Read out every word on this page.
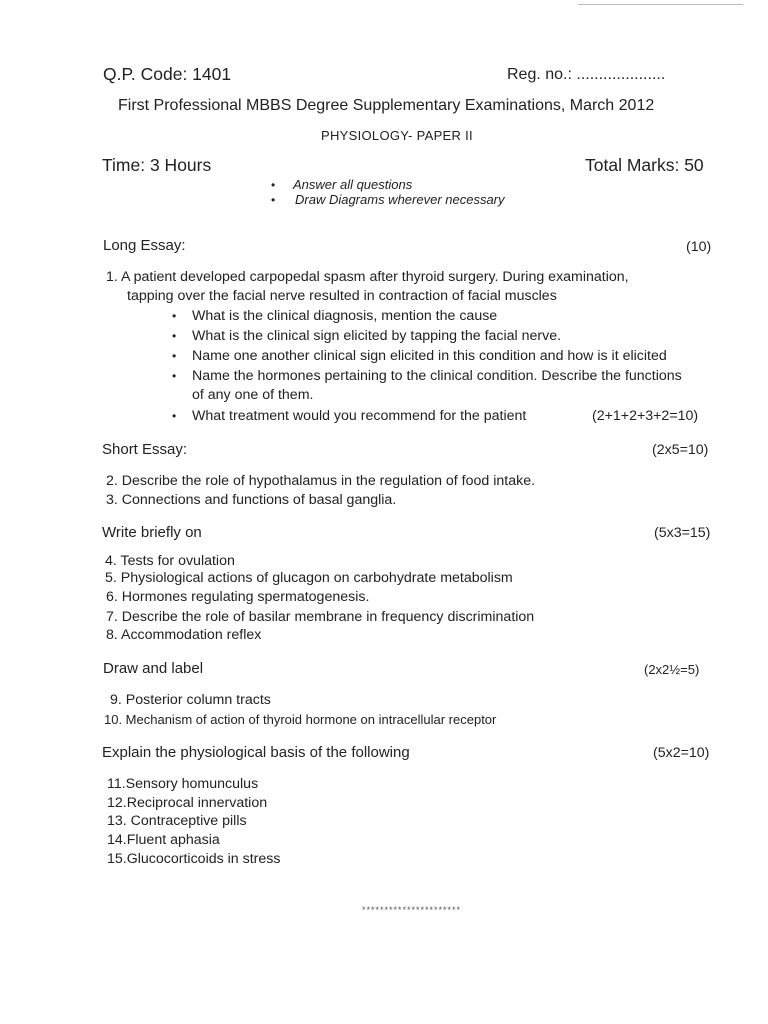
Q.P. Code: 1401	Reg. no.: ....................
First Professional MBBS Degree Supplementary Examinations, March 2012
PHYSIOLOGY- PAPER II
Time: 3 Hours	Total Marks: 50
• Answer all questions
• Draw Diagrams wherever necessary
Long Essay:	(10)
1. A patient developed carpopedal spasm after thyroid surgery. During examination,
tapping over the facial nerve resulted in contraction of facial muscles
• What is the clinical diagnosis, mention the cause
• What is the clinical sign elicited by tapping the facial nerve.
• Name one another clinical sign elicited in this condition and how is it elicited
• Name the hormones pertaining to the clinical condition. Describe the functions
of any one of them.
• What treatment would you recommend for the patient	(2+1+2+3+2=10)
Short Essay:	(2x5=10)
2. Describe the role of hypothalamus in the regulation of food intake.
3. Connections and functions of basal ganglia.
Write briefly on	(5x3=15)
4. Tests for ovulation
5. Physiological actions of glucagon on carbohydrate metabolism
6. Hormones regulating spermatogenesis.
7. Describe the role of basilar membrane in frequency discrimination
8. Accommodation reflex
Draw and label	(2x2½=5)
9. Posterior column tracts
10. Mechanism of action of thyroid hormone on intracellular receptor
Explain the physiological basis of the following	(5x2=10)
11.Sensory homunculus
12.Reciprocal innervation
13. Contraceptive pills
14.Fluent aphasia
15.Glucocorticoids in stress
**********************
